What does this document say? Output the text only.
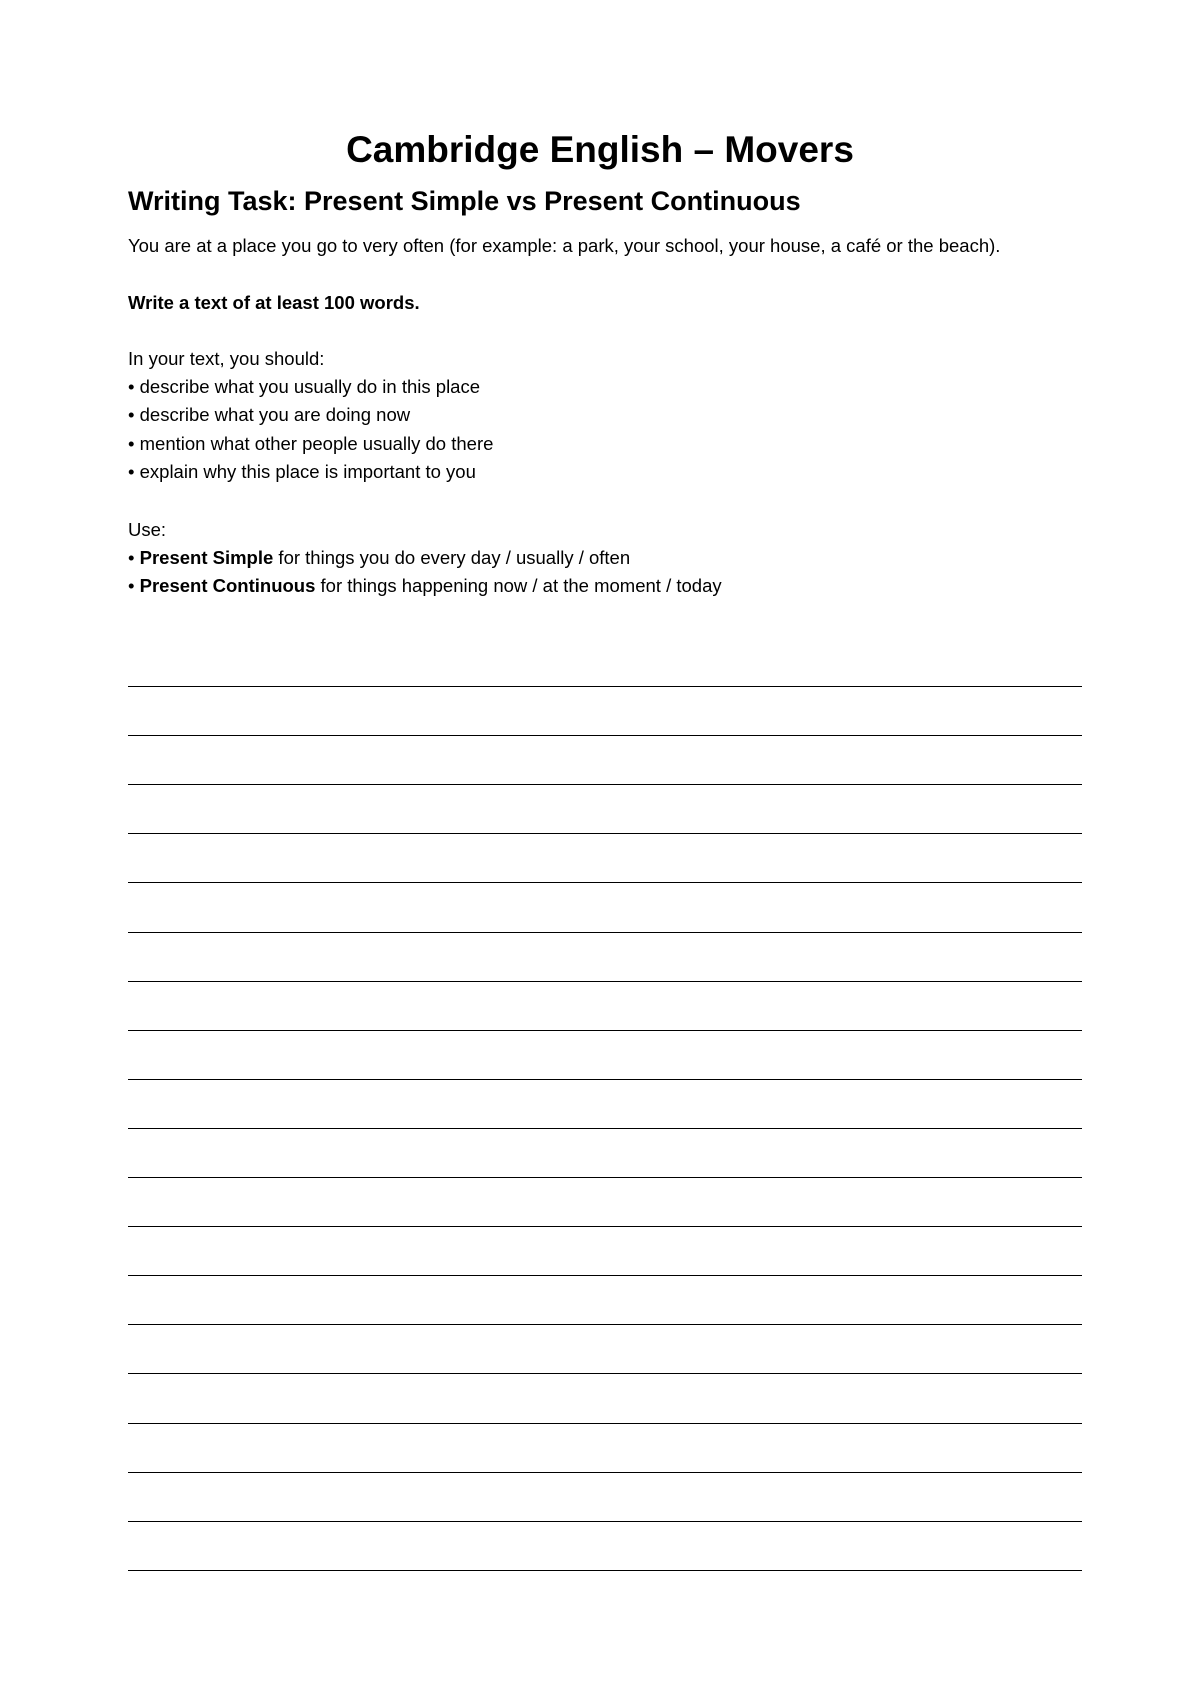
Cambridge English – Movers
Writing Task: Present Simple vs Present Continuous
You are at a place you go to very often (for example: a park, your school, your house, a café or the beach).
Write a text of at least 100 words.
In your text, you should:
• describe what you usually do in this place
• describe what you are doing now
• mention what other people usually do there
• explain why this place is important to you
Use:
• Present Simple for things you do every day / usually / often
• Present Continuous for things happening now / at the moment / today
